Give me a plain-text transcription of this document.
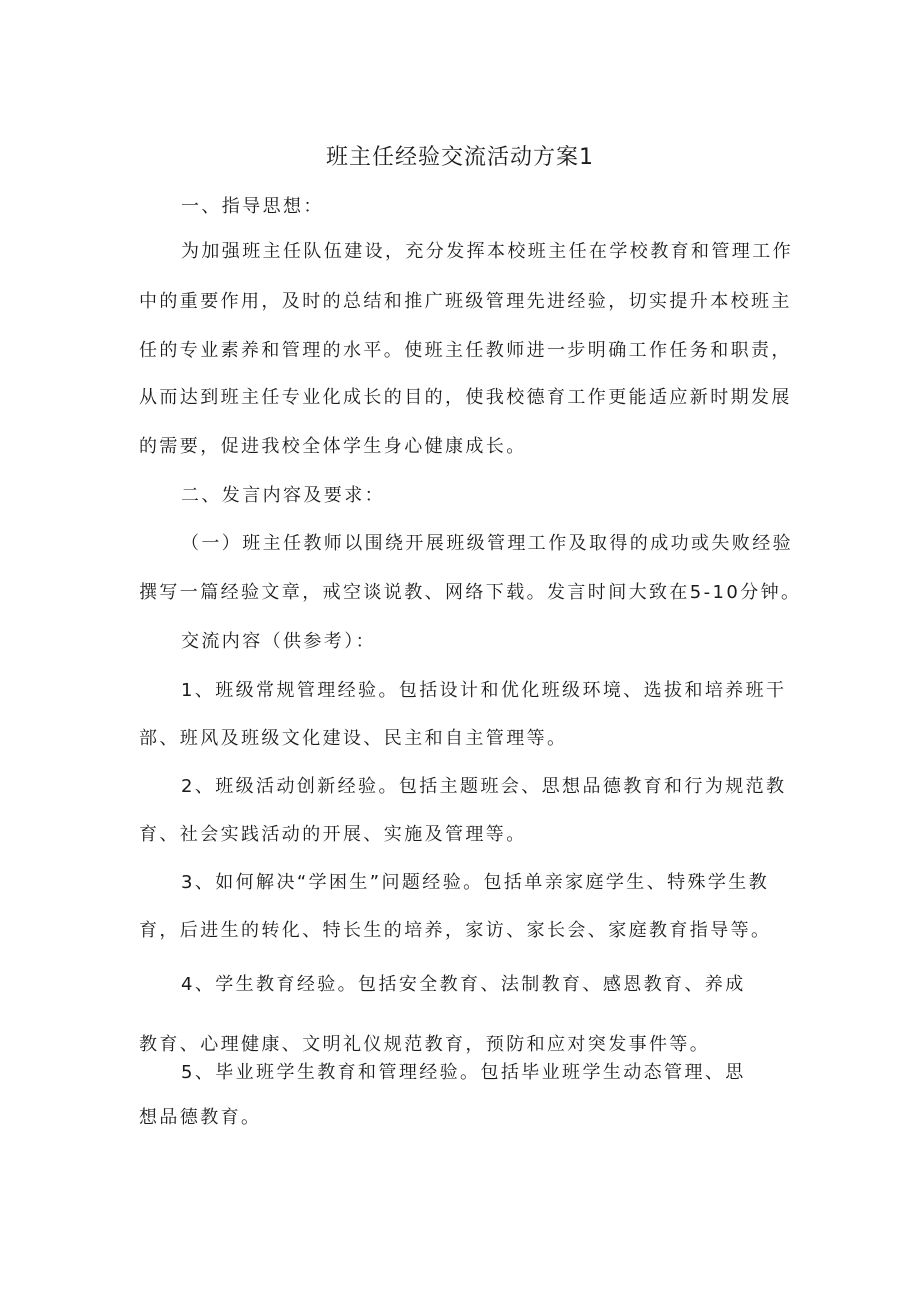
班主任经验交流活动方案1

一、指导思想：

为加强班主任队伍建设，充分发挥本校班主任在学校教育和管理工作

中的重要作用，及时的总结和推广班级管理先进经验，切实提升本校班主

任的专业素养和管理的水平。使班主任教师进一步明确工作任务和职责，

从而达到班主任专业化成长的目的，使我校德育工作更能适应新时期发展

的需要，促进我校全体学生身心健康成长。

二、发言内容及要求：

（一）班主任教师以围绕开展班级管理工作及取得的成功或失败经验

撰写一篇经验文章，戒空谈说教、网络下载。发言时间大致在5-10分钟。

交流内容（供参考）：

1、班级常规管理经验。包括设计和优化班级环境、选拔和培养班干

部、班风及班级文化建设、民主和自主管理等。

2、班级活动创新经验。包括主题班会、思想品德教育和行为规范教

育、社会实践活动的开展、实施及管理等。

3、如何解决“学困生”问题经验。包括单亲家庭学生、特殊学生教

育，后进生的转化、特长生的培养，家访、家长会、家庭教育指导等。

4、学生教育经验。包括安全教育、法制教育、感恩教育、养成

教育、心理健康、文明礼仪规范教育，预防和应对突发事件等。

5、毕业班学生教育和管理经验。包括毕业班学生动态管理、思

想品德教育。
